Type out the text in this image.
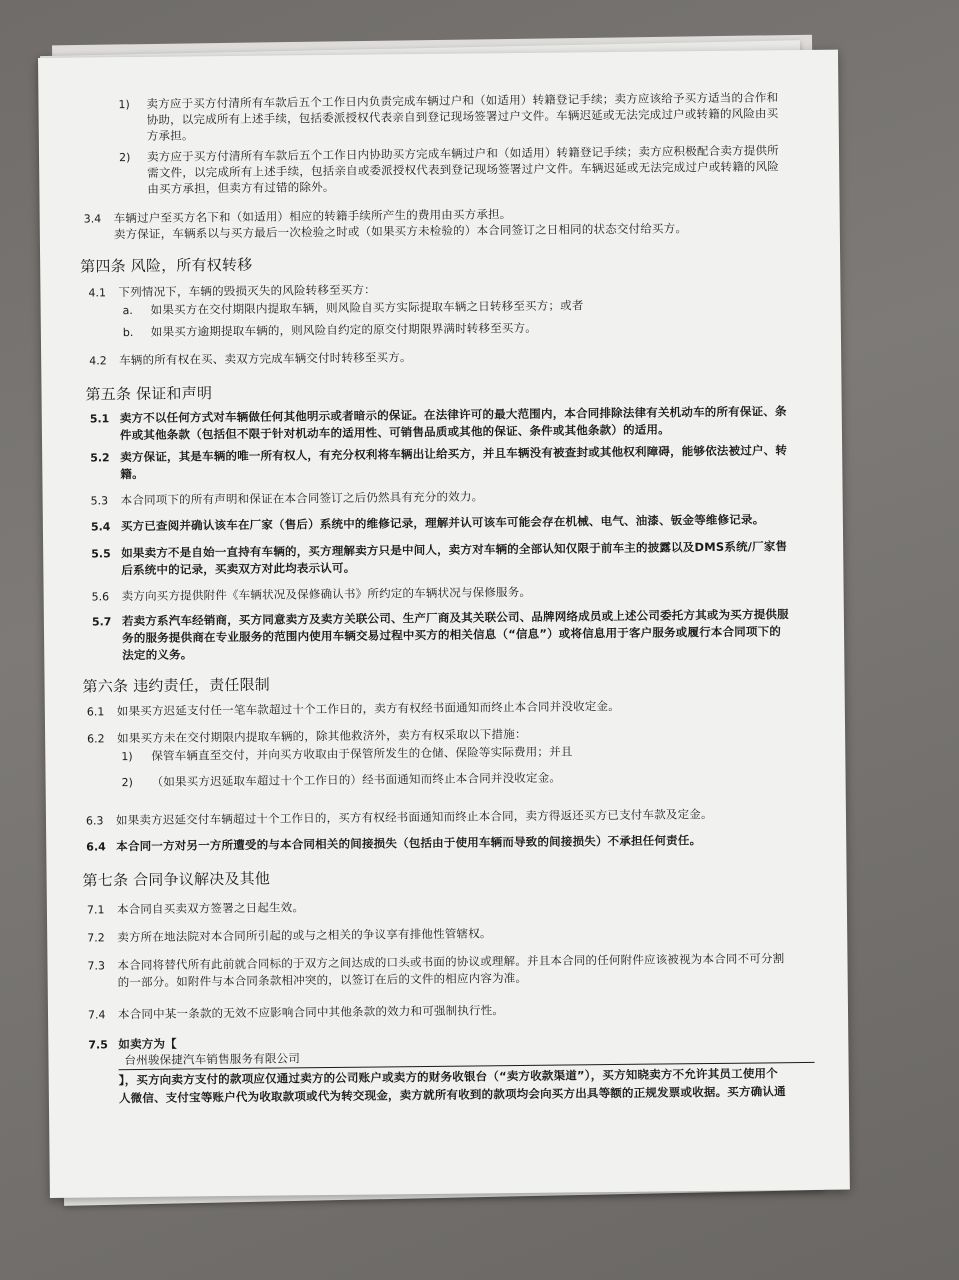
1) 卖方应于买方付清所有车款后五个工作日内负责完成车辆过户和（如适用）转籍登记手续；卖方应该给予买方适当的合作和
协助，以完成所有上述手续，包括委派授权代表亲自到登记现场签署过户文件。车辆迟延或无法完成过户或转籍的风险由买
方承担。
2) 卖方应于买方付清所有车款后五个工作日内协助买方完成车辆过户和（如适用）转籍登记手续；卖方应积极配合卖方提供所
需文件，以完成所有上述手续，包括亲自或委派授权代表到登记现场签署过户文件。车辆迟延或无法完成过户或转籍的风险
由买方承担，但卖方有过错的除外。
3.4 车辆过户至买方名下和（如适用）相应的转籍手续所产生的费用由买方承担。
卖方保证，车辆系以与买方最后一次检验之时或（如果买方未检验的）本合同签订之日相同的状态交付给买方。
第四条 风险，所有权转移
4.1 下列情况下，车辆的毁损灭失的风险转移至买方：
a. 如果买方在交付期限内提取车辆，则风险自买方实际提取车辆之日转移至买方；或者
b. 如果买方逾期提取车辆的，则风险自约定的原交付期限界满时转移至买方。
4.2 车辆的所有权在买、卖双方完成车辆交付时转移至买方。
第五条 保证和声明
5.1 卖方不以任何方式对车辆做任何其他明示或者暗示的保证。在法律许可的最大范围内，本合同排除法律有关机动车的所有保证、条
件或其他条款（包括但不限于针对机动车的适用性、可销售品质或其他的保证、条件或其他条款）的适用。
5.2 卖方保证，其是车辆的唯一所有权人，有充分权利将车辆出让给买方，并且车辆没有被查封或其他权利障碍，能够依法被过户、转
籍。
5.3 本合同项下的所有声明和保证在本合同签订之后仍然具有充分的效力。
5.4 买方已查阅并确认该车在厂家（售后）系统中的维修记录，理解并认可该车可能会存在机械、电气、油漆、钣金等维修记录。
5.5 如果卖方不是自始一直持有车辆的，买方理解卖方只是中间人，卖方对车辆的全部认知仅限于前车主的披露以及DMS系统/厂家售
后系统中的记录，买卖双方对此均表示认可。
5.6 卖方向买方提供附件《车辆状况及保修确认书》所约定的车辆状况与保修服务。
5.7 若卖方系汽车经销商，买方同意卖方及卖方关联公司、生产厂商及其关联公司、品牌网络成员或上述公司委托方其或为买方提供服
务的服务提供商在专业服务的范围内使用车辆交易过程中买方的相关信息（“信息”）或将信息用于客户服务或履行本合同项下的
法定的义务。
第六条 违约责任，责任限制
6.1 如果买方迟延支付任一笔车款超过十个工作日的，卖方有权经书面通知而终止本合同并没收定金。
6.2 如果买方未在交付期限内提取车辆的，除其他救济外，卖方有权采取以下措施：
1) 保管车辆直至交付，并向买方收取由于保管所发生的仓储、保险等实际费用；并且
2) （如果买方迟延取车超过十个工作日的）经书面通知而终止本合同并没收定金。
6.3 如果卖方迟延交付车辆超过十个工作日的，买方有权经书面通知而终止本合同，卖方得返还买方已支付车款及定金。
6.4 本合同一方对另一方所遭受的与本合同相关的间接损失（包括由于使用车辆而导致的间接损失）不承担任何责任。
第七条 合同争议解决及其他
7.1 本合同自买卖双方签署之日起生效。
7.2 卖方所在地法院对本合同所引起的或与之相关的争议享有排他性管辖权。
7.3 本合同将替代所有此前就合同标的于双方之间达成的口头或书面的协议或理解。并且本合同的任何附件应该被视为本合同不可分割
的一部分。如附件与本合同条款相冲突的，以签订在后的文件的相应内容为准。
7.4 本合同中某一条款的无效不应影响合同中其他条款的效力和可强制执行性。
7.5 如卖方为【
台州骏保捷汽车销售服务有限公司
】，买方向卖方支付的款项应仅通过卖方的公司账户或卖方的财务收银台（“卖方收款渠道”），买方知晓卖方不允许其员工使用个
人微信、支付宝等账户代为收取款项或代为转交现金，卖方就所有收到的款项均会向买方出具等额的正规发票或收据。买方确认通
